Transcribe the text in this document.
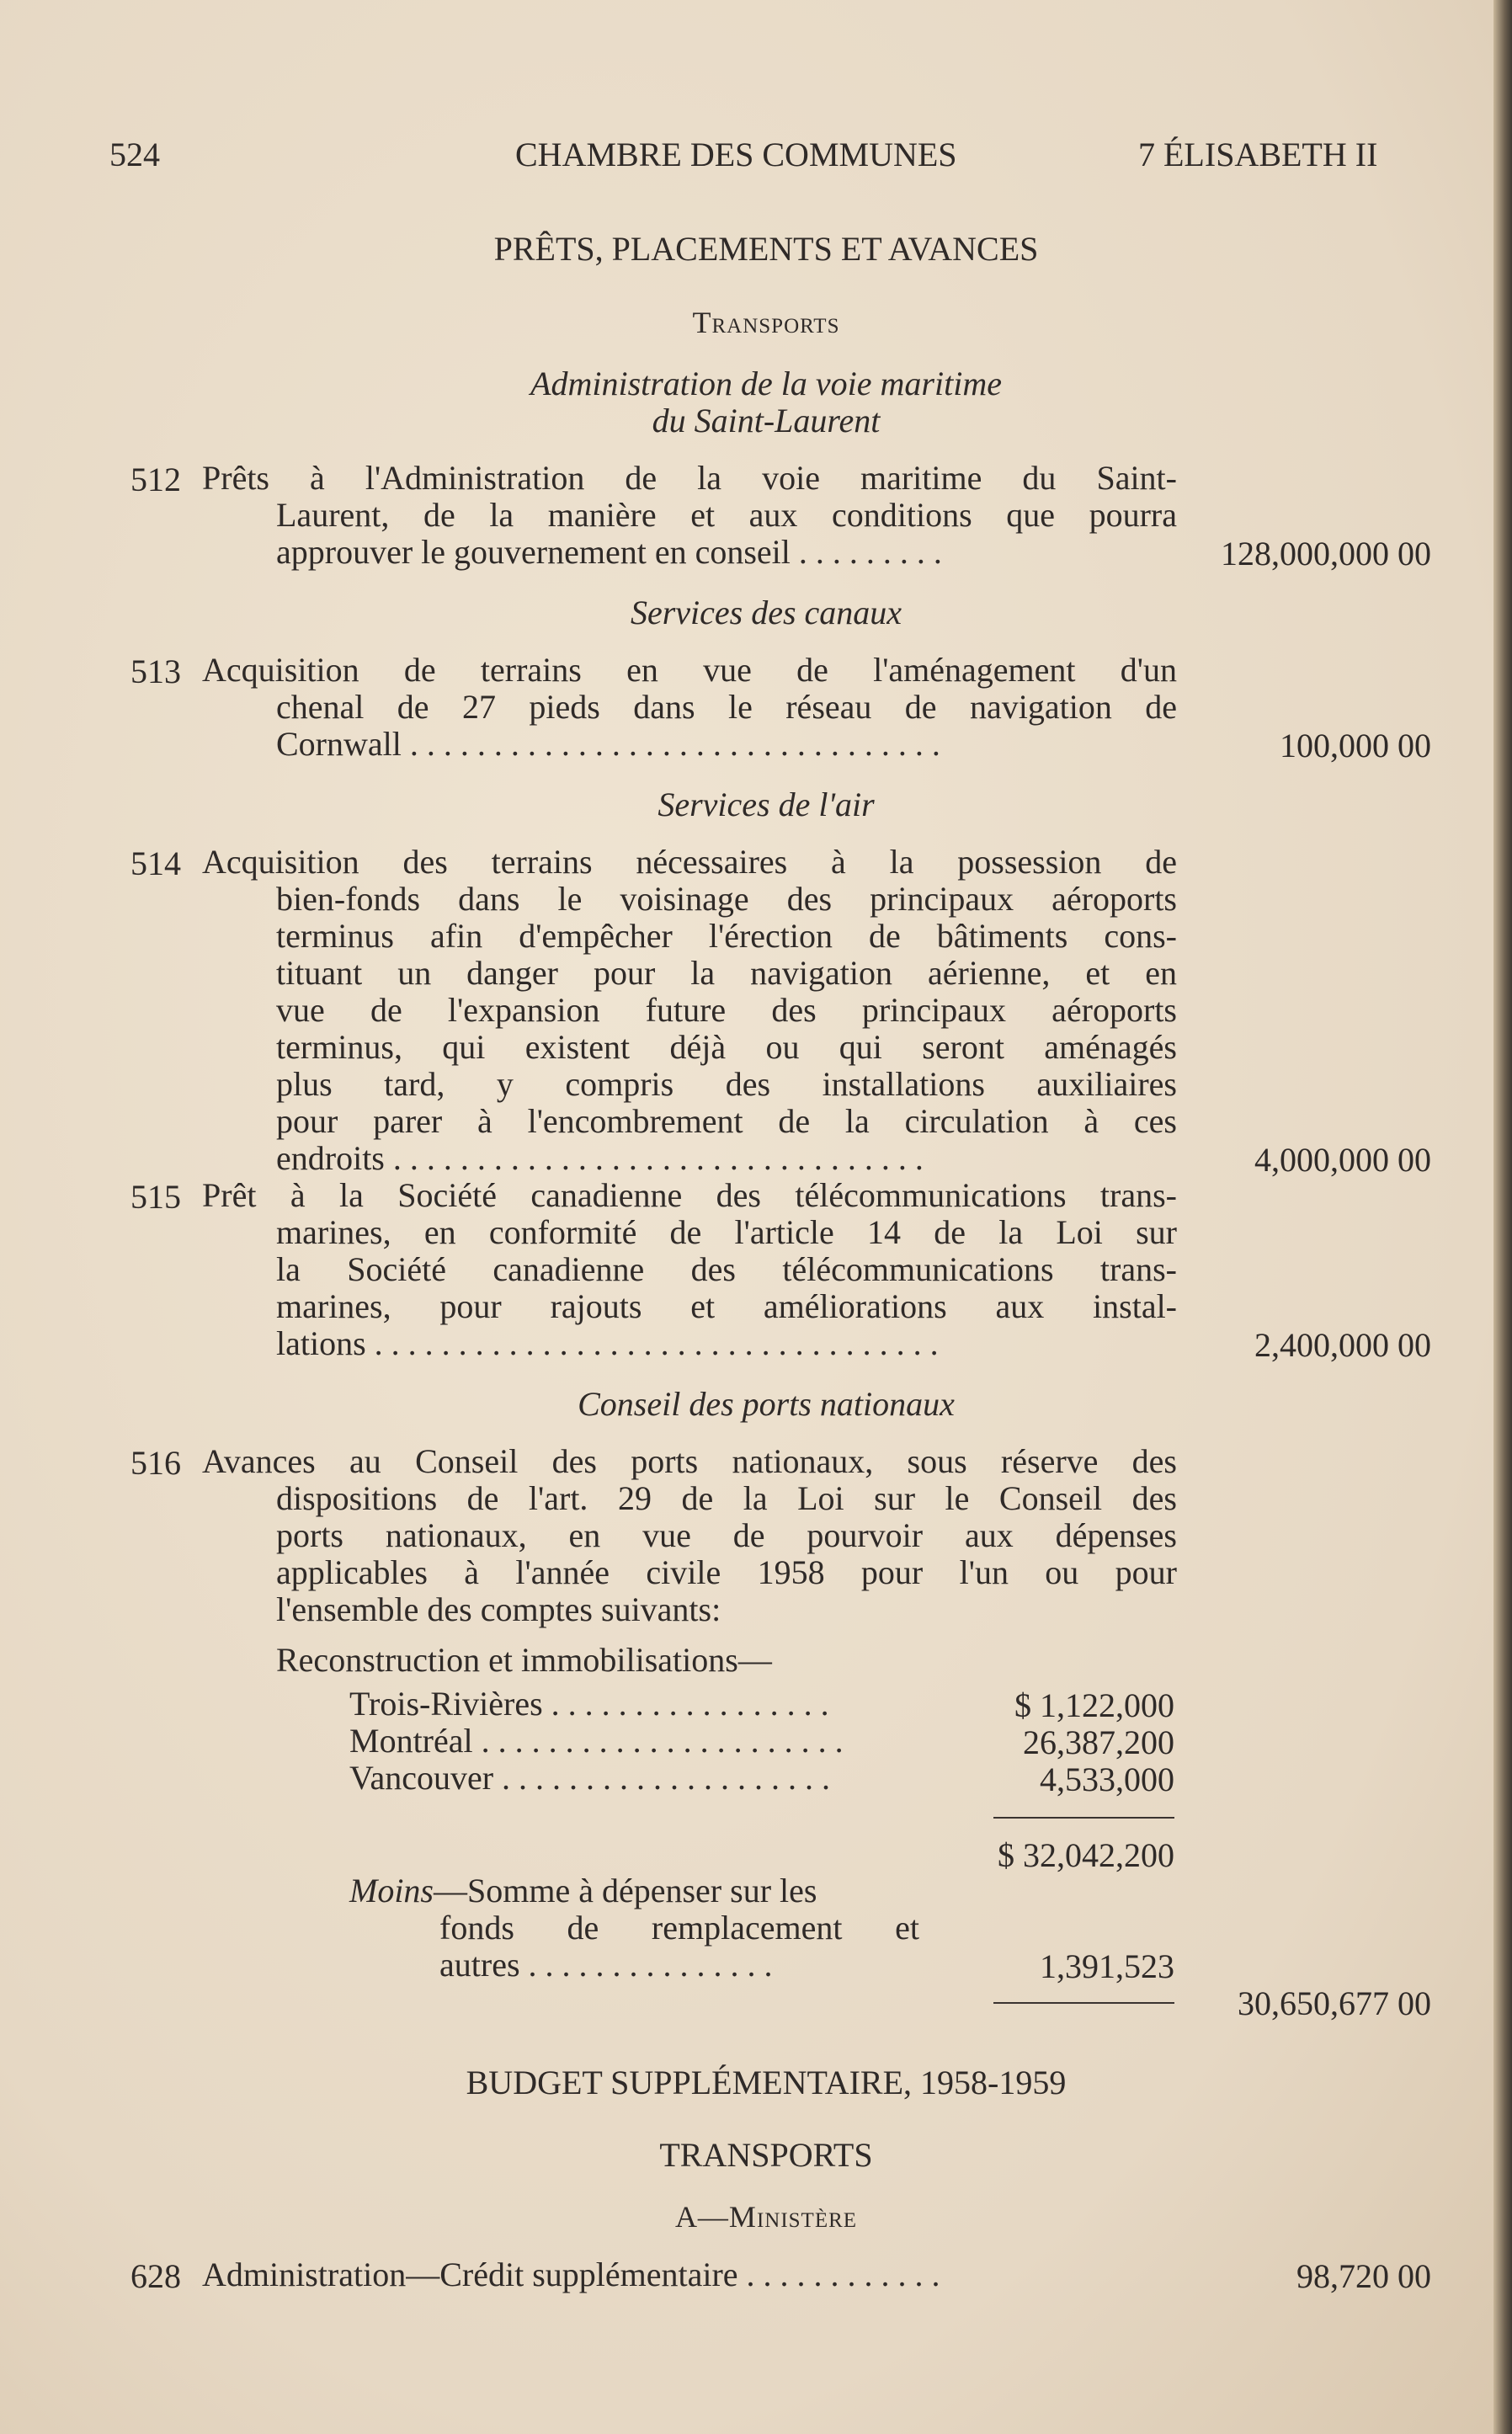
524	CHAMBRE DES COMMUNES	7 ÉLISABETH II
PRÊTS, PLACEMENTS ET AVANCES
Transports
Administration de la voie maritime
du Saint-Laurent
512 Prêts à l'Administration de la voie maritime du Saint-
Laurent, de la manière et aux conditions que pourra
approuver le gouvernement en conseil . . . . . . . . .	128,000,000 00
Services des canaux
513 Acquisition de terrains en vue de l'aménagement d'un
chenal de 27 pieds dans le réseau de navigation de
Cornwall . . . . . . . . . . . . . . . . . . . . . . . . . . . . . . . .	100,000 00
Services de l'air
514 Acquisition des terrains nécessaires à la possession de
bien-fonds dans le voisinage des principaux aéroports
terminus afin d'empêcher l'érection de bâtiments cons-
tituant un danger pour la navigation aérienne, et en
vue de l'expansion future des principaux aéroports
terminus, qui existent déjà ou qui seront aménagés
plus tard, y compris des installations auxiliaires
pour parer à l'encombrement de la circulation à ces
endroits . . . . . . . . . . . . . . . . . . . . . . . . . . . . . . . .	4,000,000 00
515 Prêt à la Société canadienne des télécommunications trans-
marines, en conformité de l'article 14 de la Loi sur
la Société canadienne des télécommunications trans-
marines, pour rajouts et améliorations aux instal-
lations . . . . . . . . . . . . . . . . . . . . . . . . . . . . . . . . . .	2,400,000 00
Conseil des ports nationaux
516 Avances au Conseil des ports nationaux, sous réserve des
dispositions de l'art. 29 de la Loi sur le Conseil des
ports nationaux, en vue de pourvoir aux dépenses
applicables à l'année civile 1958 pour l'un ou pour
l'ensemble des comptes suivants:
Reconstruction et immobilisations—
Trois-Rivières . . . . . . . . . . . . . . . . .	$ 1,122,000
Montréal . . . . . . . . . . . . . . . . . . . . . .	26,387,200
Vancouver . . . . . . . . . . . . . . . . . . . .	4,533,000
$ 32,042,200
Moins—Somme à dépenser sur les
fonds de remplacement et
autres . . . . . . . . . . . . . . .	1,391,523
30,650,677 00
BUDGET SUPPLÉMENTAIRE, 1958-1959
TRANSPORTS
A—Ministère
628 Administration—Crédit supplémentaire . . . . . . . . . . . .	98,720 00
